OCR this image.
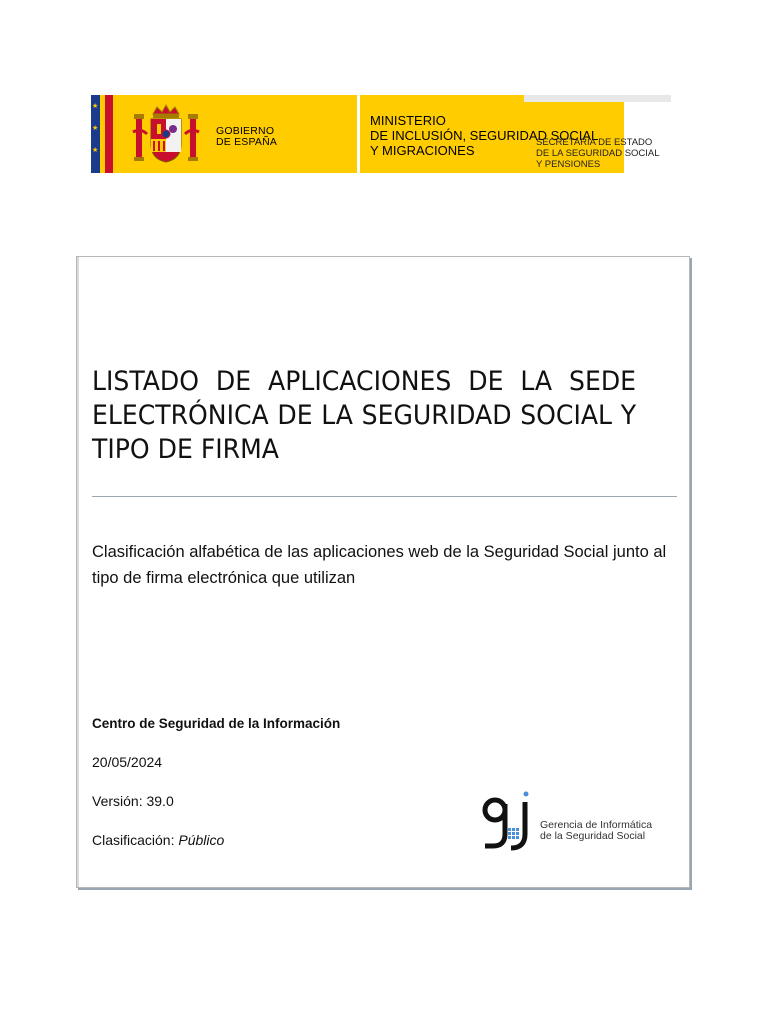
★
★
★
GOBIERNO
DE ESPAÑA
MINISTERIO
DE INCLUSIÓN, SEGURIDAD SOCIAL
Y MIGRACIONES
SECRETARÍA DE ESTADO
DE LA SEGURIDAD SOCIAL
Y PENSIONES
LISTADO DE APLICACIONES DE LA SEDE ELECTRÓNICA DE LA SEGURIDAD SOCIAL Y TIPO DE FIRMA
Clasificación alfabética de las aplicaciones web de la Seguridad Social junto al tipo de firma electrónica que utilizan
Centro de Seguridad de la Información
20/05/2024
Versión: 39.0
Clasificación: Público
Gerencia de Informática
de la Seguridad Social
